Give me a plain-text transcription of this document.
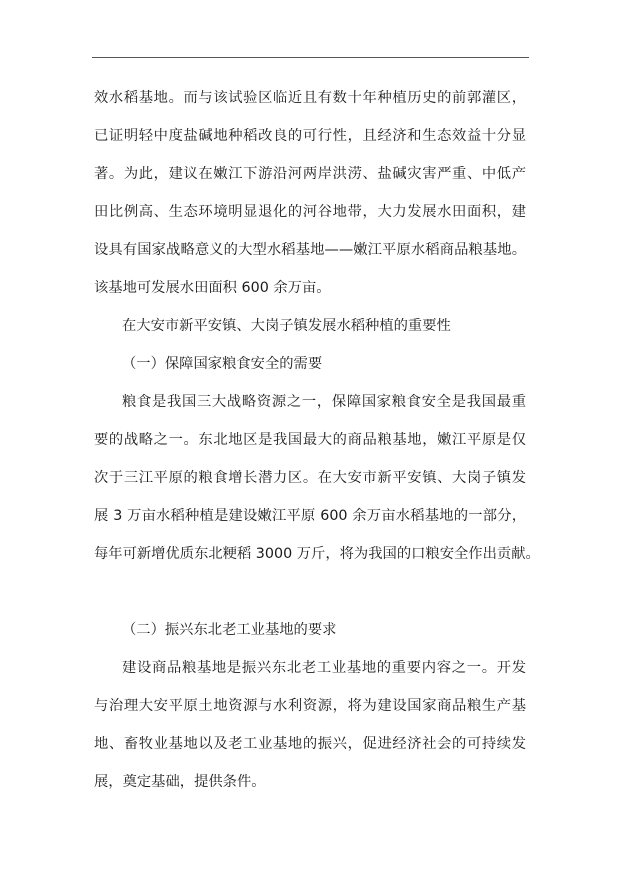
效水稻基地。而与该试验区临近且有数十年种植历史的前郭灌区，
已证明轻中度盐碱地种稻改良的可行性，且经济和生态效益十分显
著。为此，建议在嫩江下游沿河两岸洪涝、盐碱灾害严重、中低产
田比例高、生态环境明显退化的河谷地带，大力发展水田面积，建
设具有国家战略意义的大型水稻基地——嫩江平原水稻商品粮基地。
该基地可发展水田面积 600 余万亩。
在大安市新平安镇、大岗子镇发展水稻种植的重要性
（一）保障国家粮食安全的需要
粮食是我国三大战略资源之一，保障国家粮食安全是我国最重
要的战略之一。东北地区是我国最大的商品粮基地，嫩江平原是仅
次于三江平原的粮食增长潜力区。在大安市新平安镇、大岗子镇发
展 3 万亩水稻种植是建设嫩江平原 600 余万亩水稻基地的一部分，
每年可新增优质东北粳稻 3000 万斤，将为我国的口粮安全作出贡献。
（二）振兴东北老工业基地的要求
建设商品粮基地是振兴东北老工业基地的重要内容之一。开发
与治理大安平原土地资源与水利资源，将为建设国家商品粮生产基
地、畜牧业基地以及老工业基地的振兴，促进经济社会的可持续发
展，奠定基础，提供条件。
